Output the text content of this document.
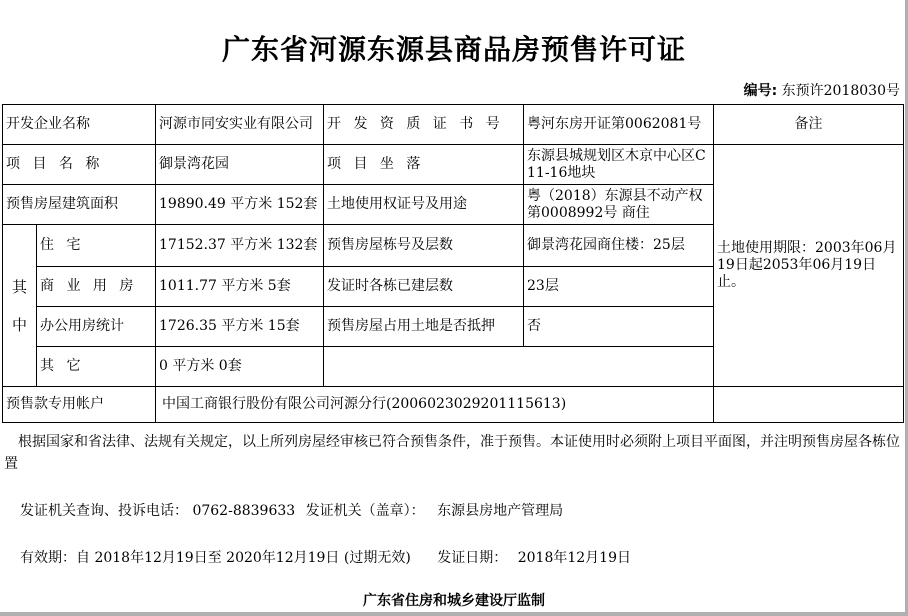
广东省河源东源县商品房预售许可证
编号: 东预许2018030号
开发企业名称		河源市同安实业有限公司	开 发 资 质 证 书 号	粤河东房开证第0062081号	备注
项 目 名 称		御景湾花园	项 目 坐 落	东源县城规划区木京中心区C11-16地块	土地使用期限：2003年06月19日起2053年06月19日止。
预售房屋建筑面积		19890.49 平方米 152套	土地使用权证号及用途	粤（2018）东源县不动产权第0008992号 商住	

其
中	住 宅	17152.37 平方米 132套	预售房屋栋号及层数	御景湾花园商住楼：25层	
	商 业 用 房	1011.77 平方米 5套	发证时各栋已建层数	23层	
	办公用房统计	1726.35 平方米 15套	预售房屋占用土地是否抵押	否	
	其 它	0 平方米 0套			
预售款专用帐户		中国工商银行股份有限公司河源分行(2006023029201115613)			
根据国家和省法律、法规有关规定，以上所列房屋经审核已符合预售条件，准于预售。本证使用时必须附上项目平面图，并注明预售房屋各栋位置
发证机关查询、投诉电话： 0762-8839633 发证机关（盖章）： 东源县房地产管理局
有效期：自 2018年12月19日至 2020年12月19日 (过期无效) 发证日期： 2018年12月19日
广东省住房和城乡建设厅监制
